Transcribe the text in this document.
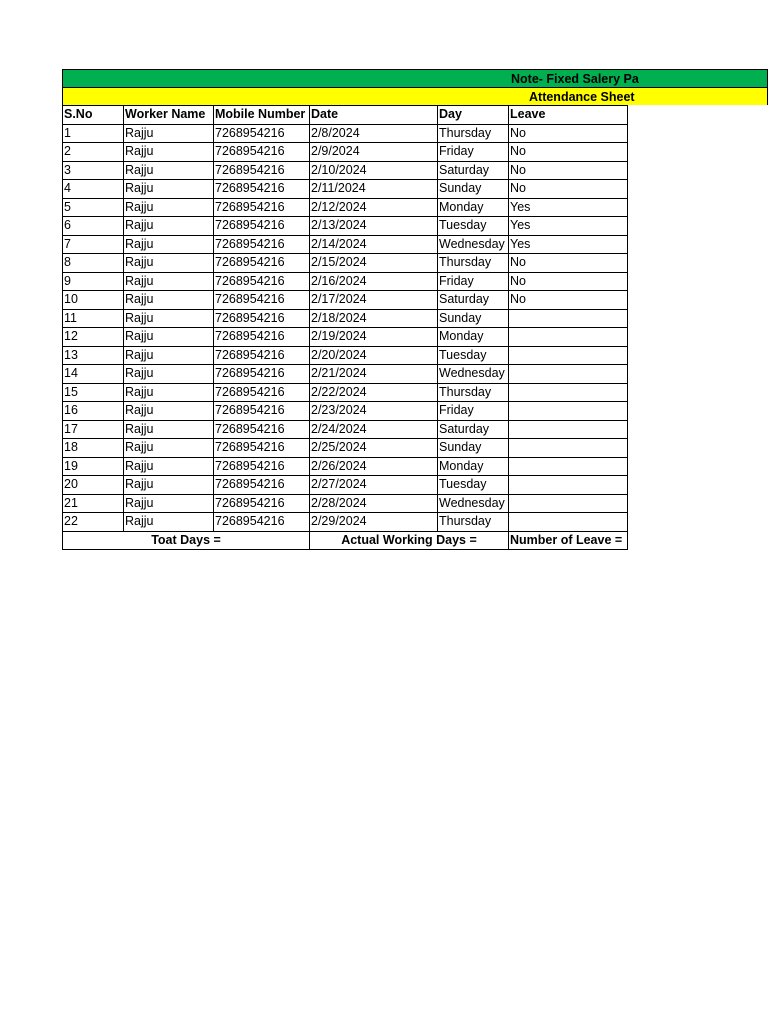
Note- Fixed Salery Pa
Attendance Sheet
S.No	Worker Name	Mobile Number	Date	Day	Leave
1	Rajju	7268954216	2/8/2024	Thursday	No
2	Rajju	7268954216	2/9/2024	Friday	No
3	Rajju	7268954216	2/10/2024	Saturday	No
4	Rajju	7268954216	2/11/2024	Sunday	No
5	Rajju	7268954216	2/12/2024	Monday	Yes
6	Rajju	7268954216	2/13/2024	Tuesday	Yes
7	Rajju	7268954216	2/14/2024	Wednesday	Yes
8	Rajju	7268954216	2/15/2024	Thursday	No
9	Rajju	7268954216	2/16/2024	Friday	No
10	Rajju	7268954216	2/17/2024	Saturday	No
11	Rajju	7268954216	2/18/2024	Sunday	
12	Rajju	7268954216	2/19/2024	Monday	
13	Rajju	7268954216	2/20/2024	Tuesday	
14	Rajju	7268954216	2/21/2024	Wednesday	
15	Rajju	7268954216	2/22/2024	Thursday	
16	Rajju	7268954216	2/23/2024	Friday	
17	Rajju	7268954216	2/24/2024	Saturday	
18	Rajju	7268954216	2/25/2024	Sunday	
19	Rajju	7268954216	2/26/2024	Monday	
20	Rajju	7268954216	2/27/2024	Tuesday	
21	Rajju	7268954216	2/28/2024	Wednesday	
22	Rajju	7268954216	2/29/2024	Thursday	
Toat Days =			Actual Working Days =		Number of Leave =
